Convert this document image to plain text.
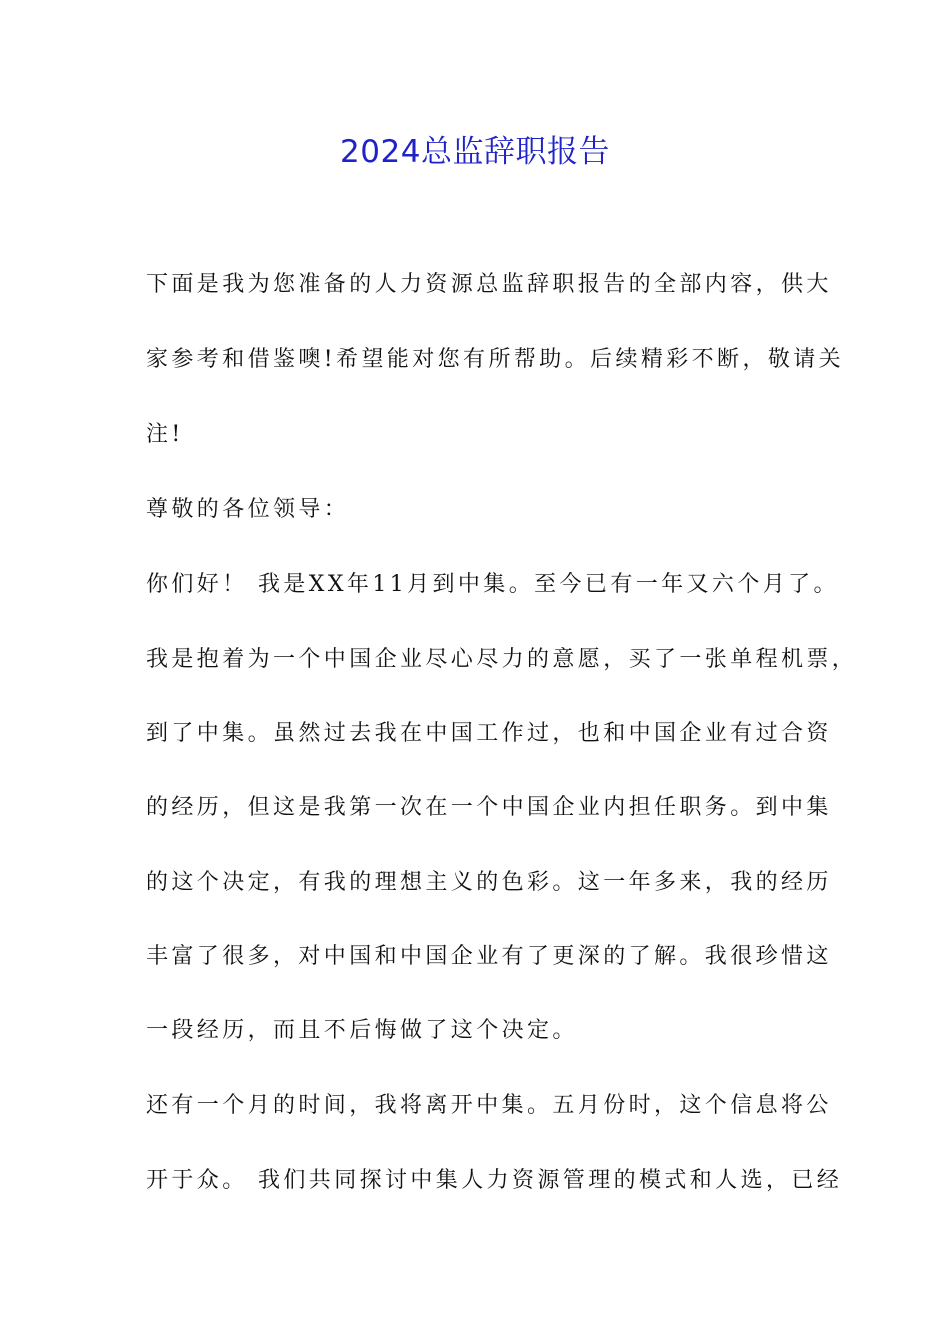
2024总监辞职报告
下面是我为您准备的人力资源总监辞职报告的全部内容，供大
家参考和借鉴噢!希望能对您有所帮助。后续精彩不断，敬请关
注!
尊敬的各位领导：
你们好！ 我是XX年11月到中集。至今已有一年又六个月了。
我是抱着为一个中国企业尽心尽力的意愿，买了一张单程机票，
到了中集。虽然过去我在中国工作过，也和中国企业有过合资
的经历，但这是我第一次在一个中国企业内担任职务。到中集
的这个决定，有我的理想主义的色彩。这一年多来，我的经历
丰富了很多，对中国和中国企业有了更深的了解。我很珍惜这
一段经历，而且不后悔做了这个决定。
还有一个月的时间，我将离开中集。五月份时，这个信息将公
开于众。 我们共同探讨中集人力资源管理的模式和人选，已经
